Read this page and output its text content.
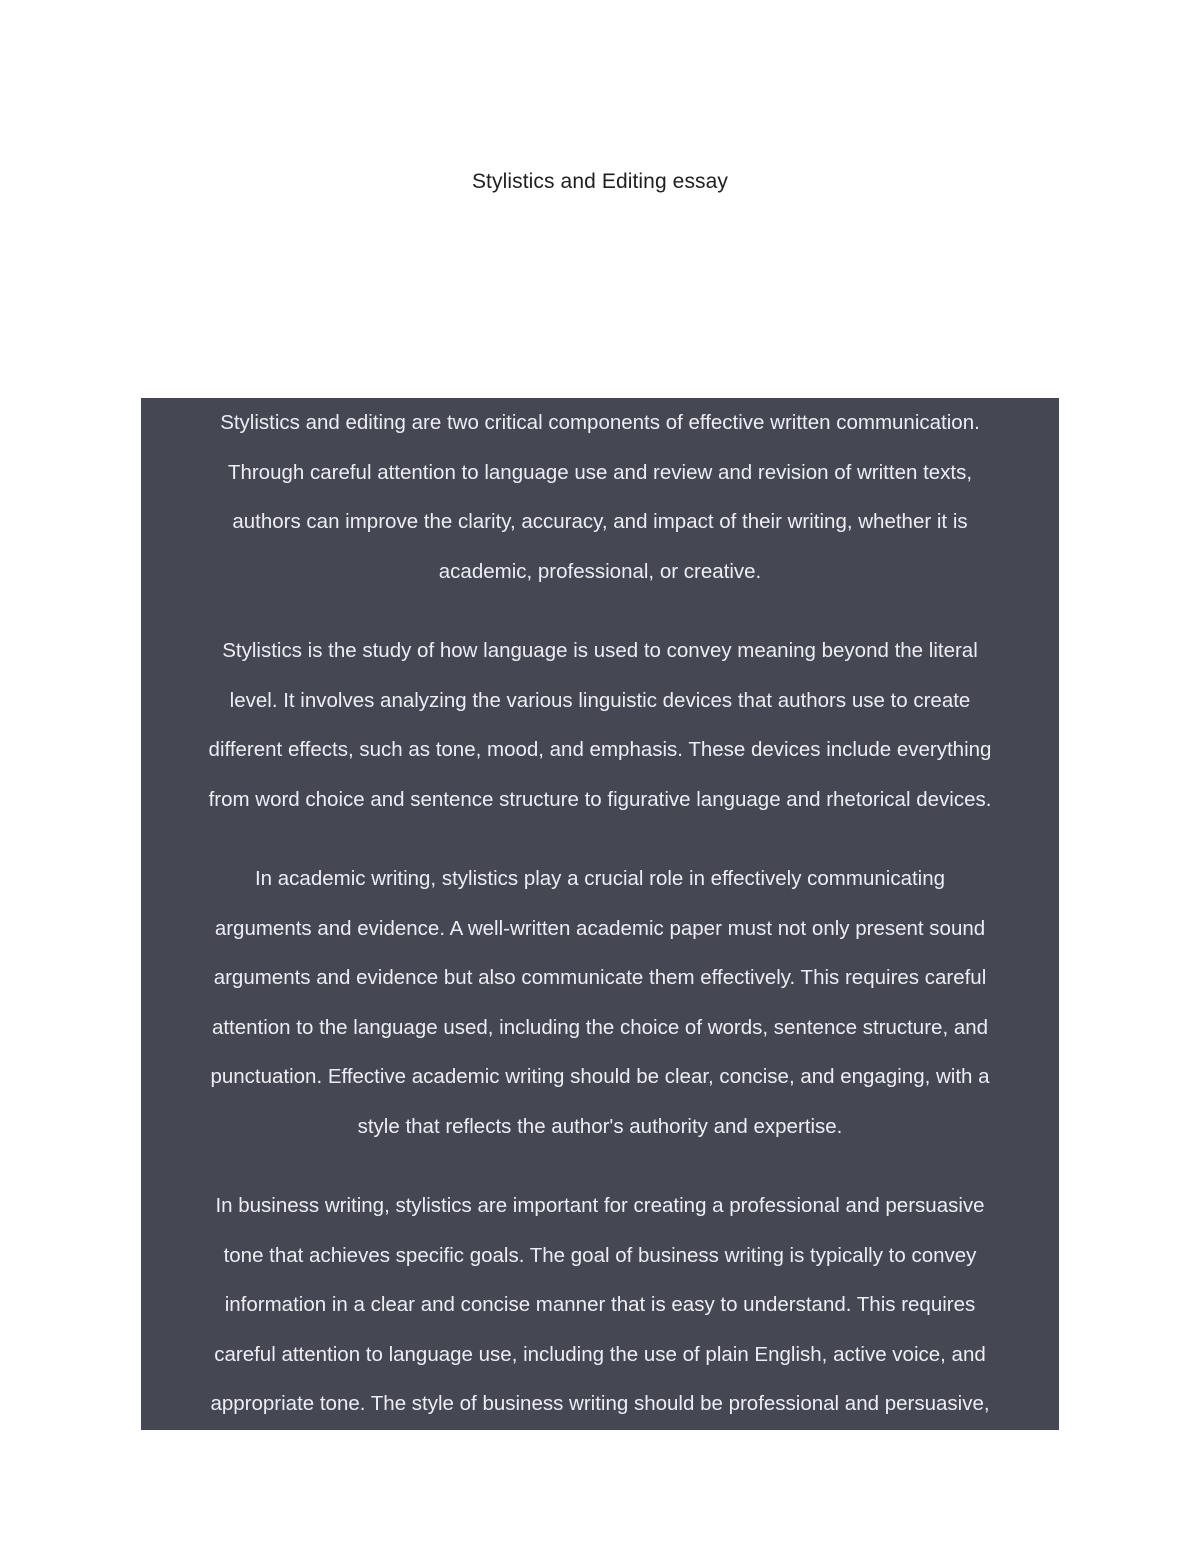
Stylistics and Editing essay

Stylistics and editing are two critical components of effective written communication.
Through careful attention to language use and review and revision of written texts,
authors can improve the clarity, accuracy, and impact of their writing, whether it is
academic, professional, or creative.

Stylistics is the study of how language is used to convey meaning beyond the literal
level. It involves analyzing the various linguistic devices that authors use to create
different effects, such as tone, mood, and emphasis. These devices include everything
from word choice and sentence structure to figurative language and rhetorical devices.

In academic writing, stylistics play a crucial role in effectively communicating
arguments and evidence. A well-written academic paper must not only present sound
arguments and evidence but also communicate them effectively. This requires careful
attention to the language used, including the choice of words, sentence structure, and
punctuation. Effective academic writing should be clear, concise, and engaging, with a
style that reflects the author's authority and expertise.

In business writing, stylistics are important for creating a professional and persuasive
tone that achieves specific goals. The goal of business writing is typically to convey
information in a clear and concise manner that is easy to understand. This requires
careful attention to language use, including the use of plain English, active voice, and
appropriate tone. The style of business writing should be professional and persuasive,
